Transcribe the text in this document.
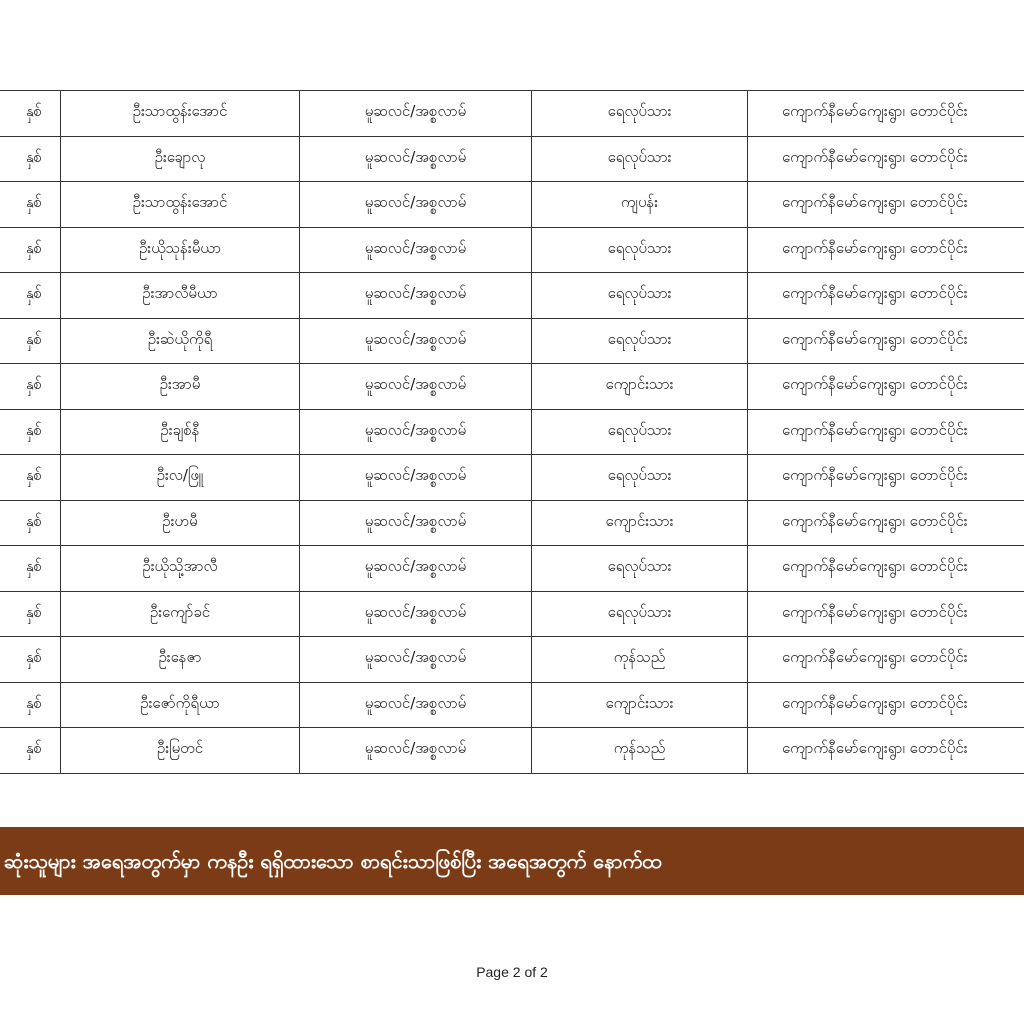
နှစ်	ဦးသာထွန်းအောင်	မူဆလင်/အစ္စလာမ်	ရေလုပ်သား	ကျောက်နီမော်ကျေးရွာ၊ တောင်ပိုင်း
နှစ်	ဦးချောလု	မူဆလင်/အစ္စလာမ်	ရေလုပ်သား	ကျောက်နီမော်ကျေးရွာ၊ တောင်ပိုင်း
နှစ်	ဦးသာထွန်းအောင်	မူဆလင်/အစ္စလာမ်	ကျပန်း	ကျောက်နီမော်ကျေးရွာ၊ တောင်ပိုင်း
နှစ်	ဦးယိုသုန်းမီယာ	မူဆလင်/အစ္စလာမ်	ရေလုပ်သား	ကျောက်နီမော်ကျေးရွာ၊ တောင်ပိုင်း
နှစ်	ဦးအာလီမီယာ	မူဆလင်/အစ္စလာမ်	ရေလုပ်သား	ကျောက်နီမော်ကျေးရွာ၊ တောင်ပိုင်း
နှစ်	ဦးဆဲယိုကိုရီ	မူဆလင်/အစ္စလာမ်	ရေလုပ်သား	ကျောက်နီမော်ကျေးရွာ၊ တောင်ပိုင်း
နှစ်	ဦးအာမီ	မူဆလင်/အစ္စလာမ်	ကျောင်းသား	ကျောက်နီမော်ကျေးရွာ၊ တောင်ပိုင်း
နှစ်	ဦးချစ်နီ	မူဆလင်/အစ္စလာမ်	ရေလုပ်သား	ကျောက်နီမော်ကျေးရွာ၊ တောင်ပိုင်း
နှစ်	ဦးလ/ဖြူ	မူဆလင်/အစ္စလာမ်	ရေလုပ်သား	ကျောက်နီမော်ကျေးရွာ၊ တောင်ပိုင်း
နှစ်	ဦးဟမီ	မူဆလင်/အစ္စလာမ်	ကျောင်းသား	ကျောက်နီမော်ကျေးရွာ၊ တောင်ပိုင်း
နှစ်	ဦးယိုသို့အာလီ	မူဆလင်/အစ္စလာမ်	ရေလုပ်သား	ကျောက်နီမော်ကျေးရွာ၊ တောင်ပိုင်း
နှစ်	ဦးကျော်ခင်	မူဆလင်/အစ္စလာမ်	ရေလုပ်သား	ကျောက်နီမော်ကျေးရွာ၊ တောင်ပိုင်း
နှစ်	ဦးနေဇာ	မူဆလင်/အစ္စလာမ်	ကုန်သည်	ကျောက်နီမော်ကျေးရွာ၊ တောင်ပိုင်း
နှစ်	ဦးဇော်ကိုရီယာ	မူဆလင်/အစ္စလာမ်	ကျောင်းသား	ကျောက်နီမော်ကျေးရွာ၊ တောင်ပိုင်း
နှစ်	ဦးမြတင်	မူဆလင်/အစ္စလာမ်	ကုန်သည်	ကျောက်နီမော်ကျေးရွာ၊ တောင်ပိုင်း
ဆုံးသူများ အရေအတွက်မှာ ကနဦး ရရှိထားသော စာရင်းသာဖြစ်ပြီး အရေအတွက် နောက်ထ
Page 2 of 2
